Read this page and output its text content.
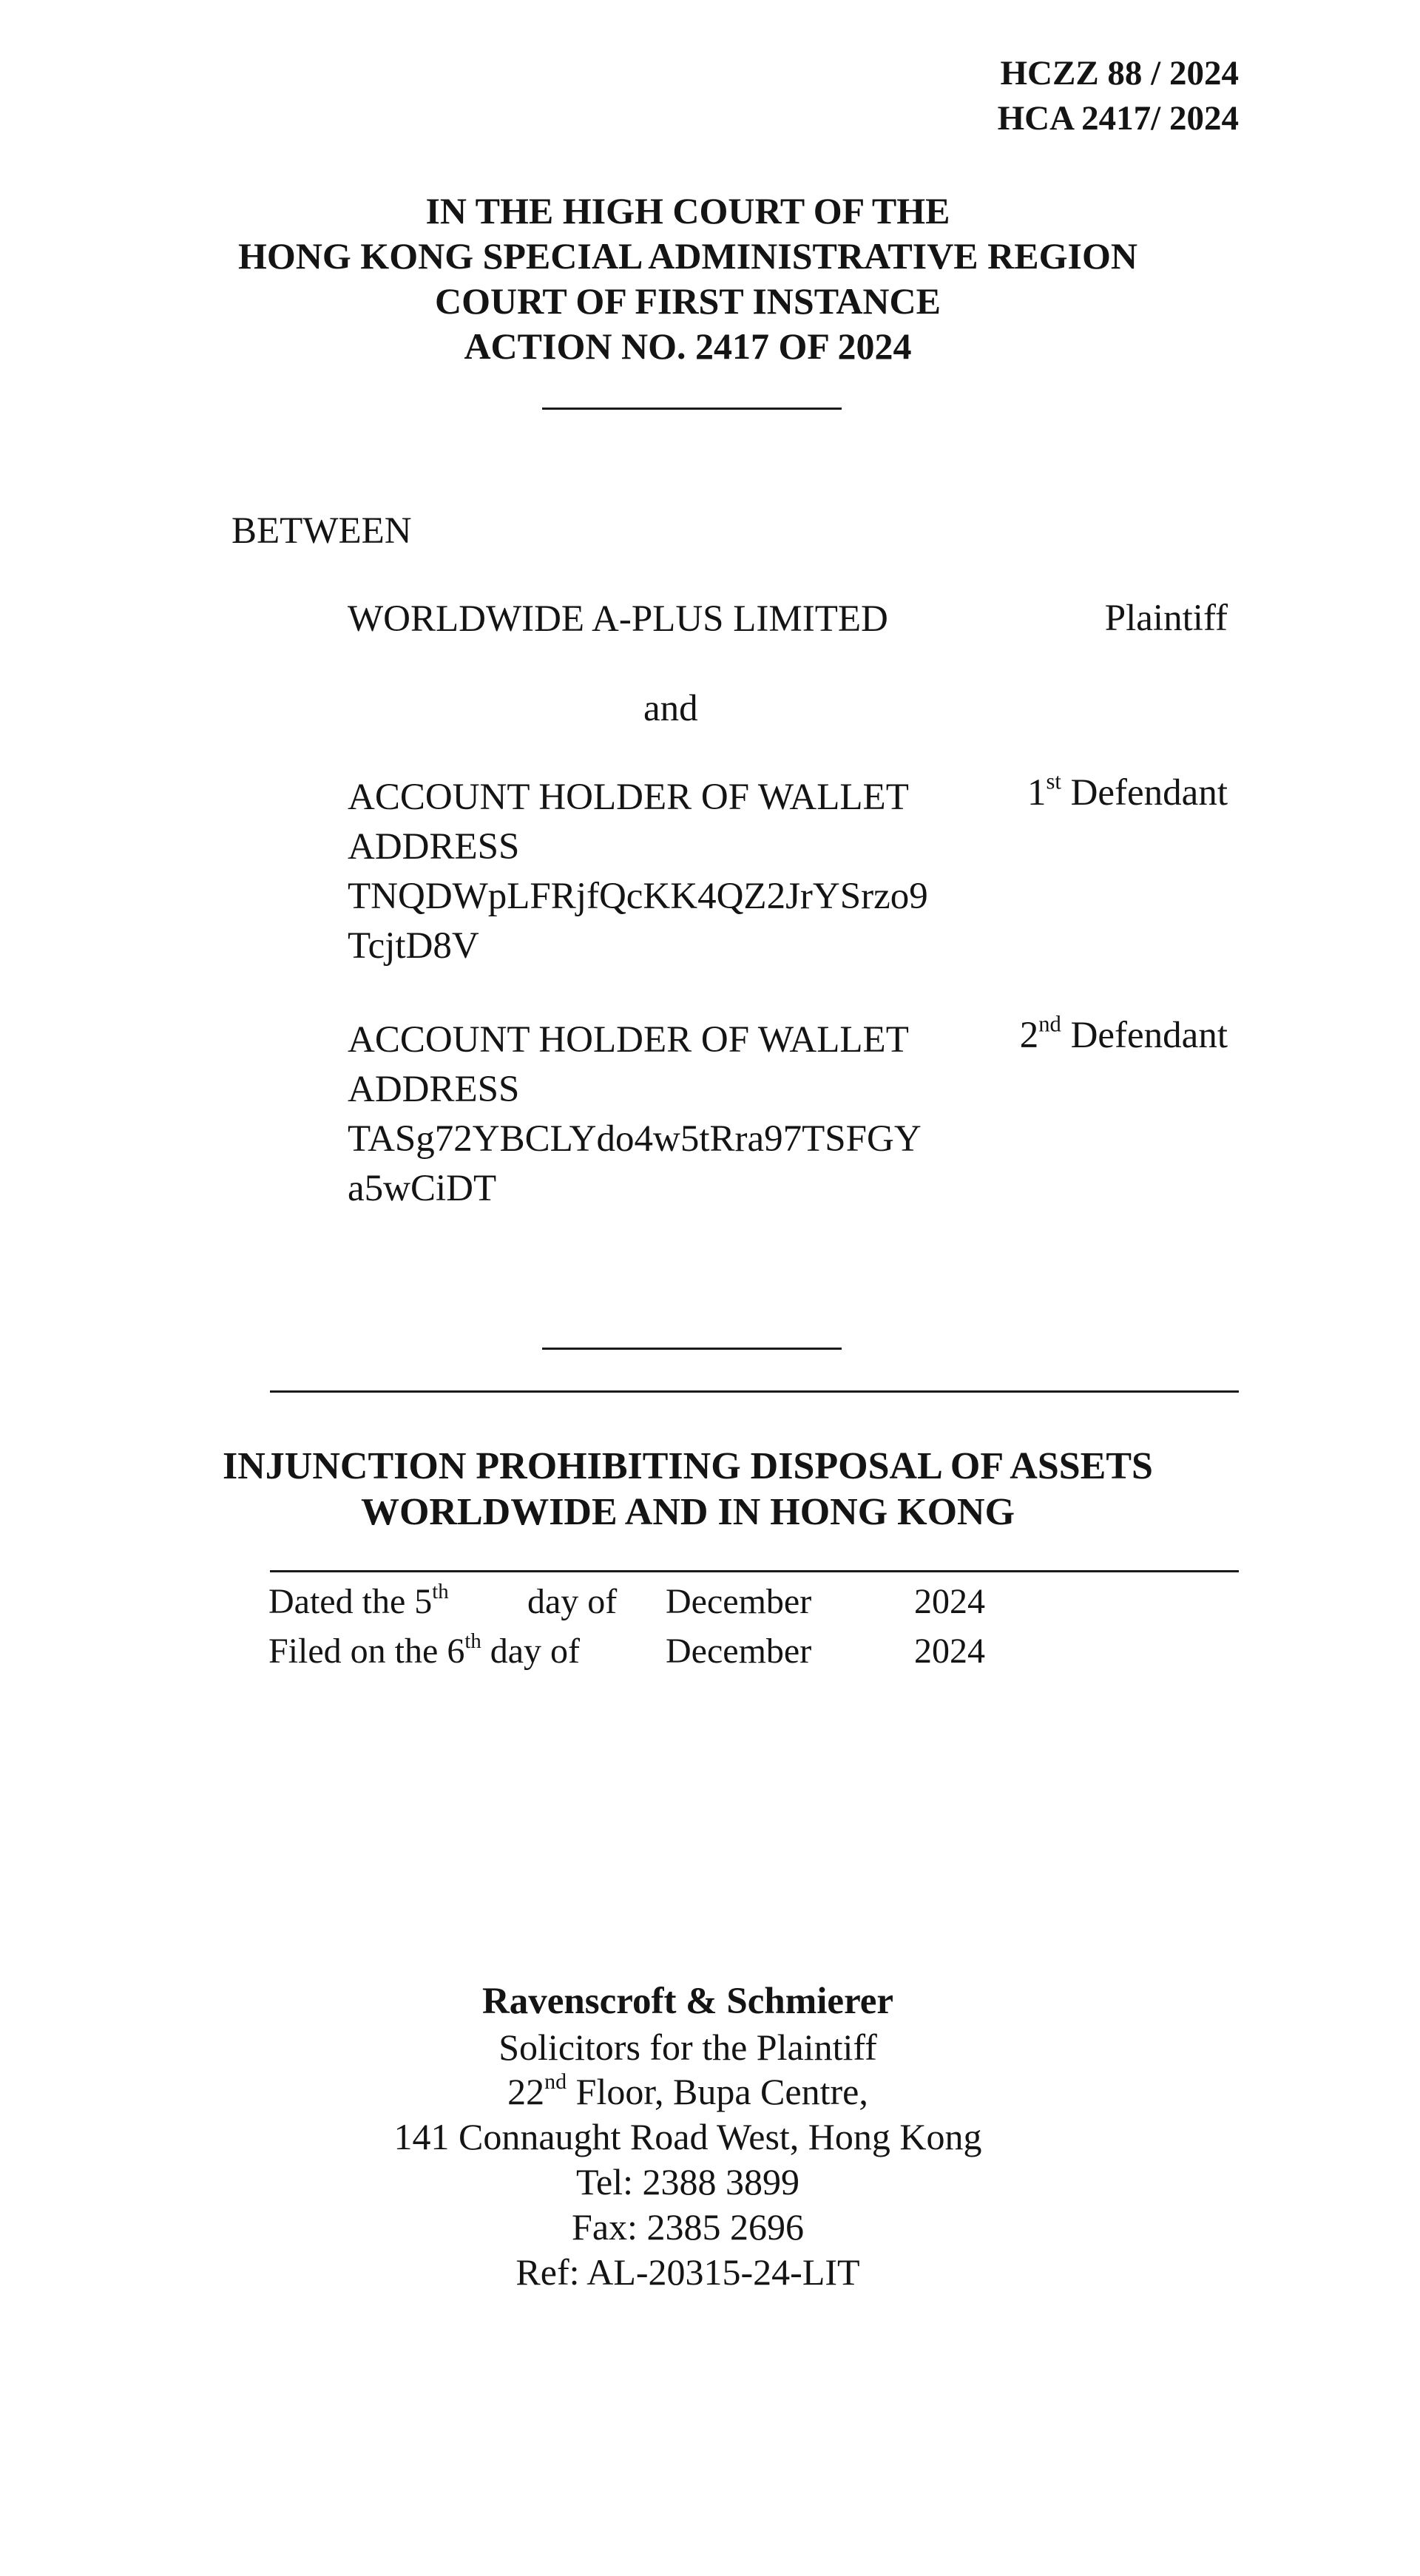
HCZZ 88 / 2024
HCA 2417/ 2024
IN THE HIGH COURT OF THE
HONG KONG SPECIAL ADMINISTRATIVE REGION
COURT OF FIRST INSTANCE
ACTION NO. 2417 OF 2024
BETWEEN
WORLDWIDE A-PLUS LIMITED	Plaintiff
and
ACCOUNT HOLDER OF WALLET
ADDRESS
TNQDWpLFRjfQcKK4QZ2JrYSrzo9
TcjtD8V
1st Defendant
ACCOUNT HOLDER OF WALLET
ADDRESS
TASg72YBCLYdo4w5tRra97TSFGY
a5wCiDT
2nd Defendant
INJUNCTION PROHIBITING DISPOSAL OF ASSETS
WORLDWIDE AND IN HONG KONG
Dated the 5th day of December	2024
Filed on the 6th day of December	2024
Ravenscroft & Schmierer
Solicitors for the Plaintiff
22nd Floor, Bupa Centre,
141 Connaught Road West, Hong Kong
Tel: 2388 3899
Fax: 2385 2696
Ref: AL-20315-24-LIT
